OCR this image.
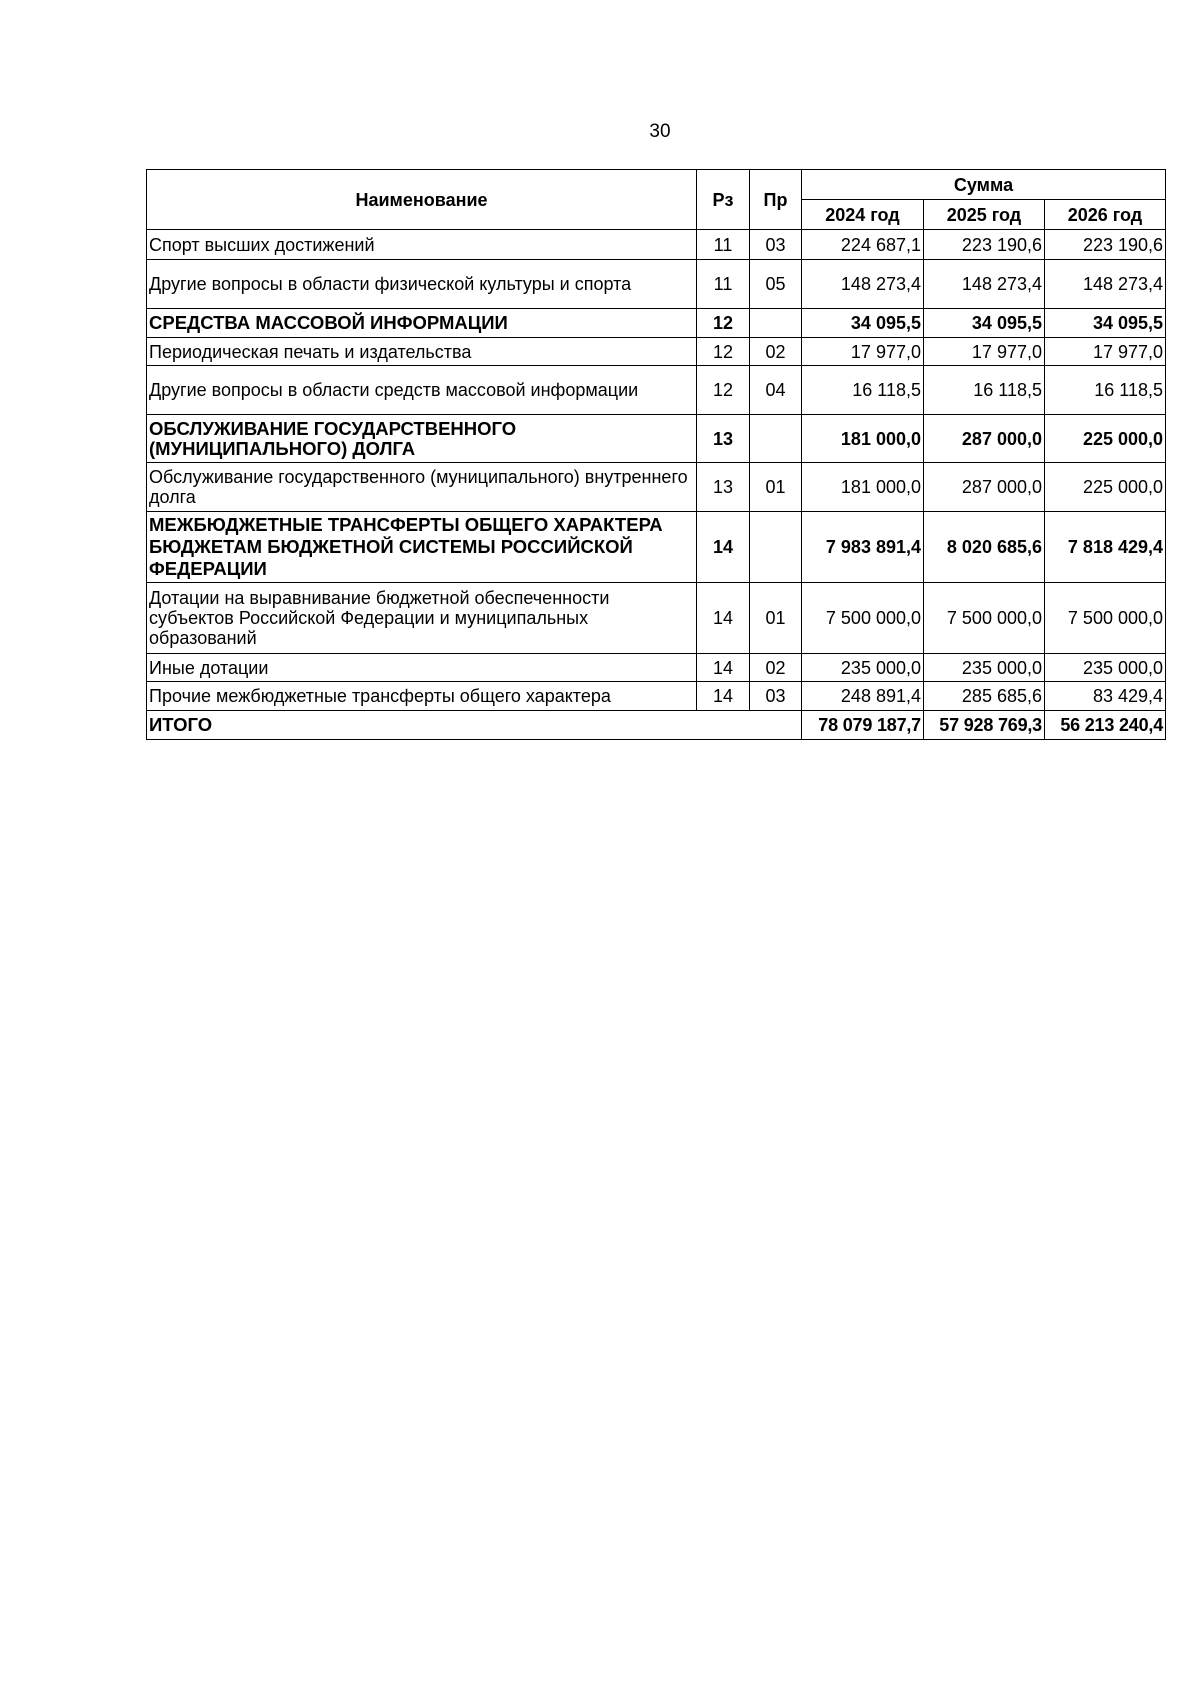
30
Наименование	Рз	Пр	Сумма		
			2024 год	2025 год	2026 год
Спорт высших достижений	11	03	224 687,1	223 190,6	223 190,6
Другие вопросы в области физической культуры и спорта	11	05	148 273,4	148 273,4	148 273,4
СРЕДСТВА МАССОВОЙ ИНФОРМАЦИИ	12		34 095,5	34 095,5	34 095,5
Периодическая печать и издательства	12	02	17 977,0	17 977,0	17 977,0
Другие вопросы в области средств массовой информации	12	04	16 118,5	16 118,5	16 118,5
ОБСЛУЖИВАНИЕ ГОСУДАРСТВЕННОГО (МУНИЦИПАЛЬНОГО) ДОЛГА	13		181 000,0	287 000,0	225 000,0
Обслуживание государственного (муниципального) внутреннего долга	13	01	181 000,0	287 000,0	225 000,0
МЕЖБЮДЖЕТНЫЕ ТРАНСФЕРТЫ ОБЩЕГО ХАРАКТЕРА БЮДЖЕТАМ БЮДЖЕТНОЙ СИСТЕМЫ РОССИЙСКОЙ ФЕДЕРАЦИИ	14		7 983 891,4	8 020 685,6	7 818 429,4
Дотации на выравнивание бюджетной обеспеченности субъектов Российской Федерации и муниципальных образований	14	01	7 500 000,0	7 500 000,0	7 500 000,0
Иные дотации	14	02	235 000,0	235 000,0	235 000,0
Прочие межбюджетные трансферты общего характера	14	03	248 891,4	285 685,6	83 429,4
ИТОГО			78 079 187,7	57 928 769,3	56 213 240,4
